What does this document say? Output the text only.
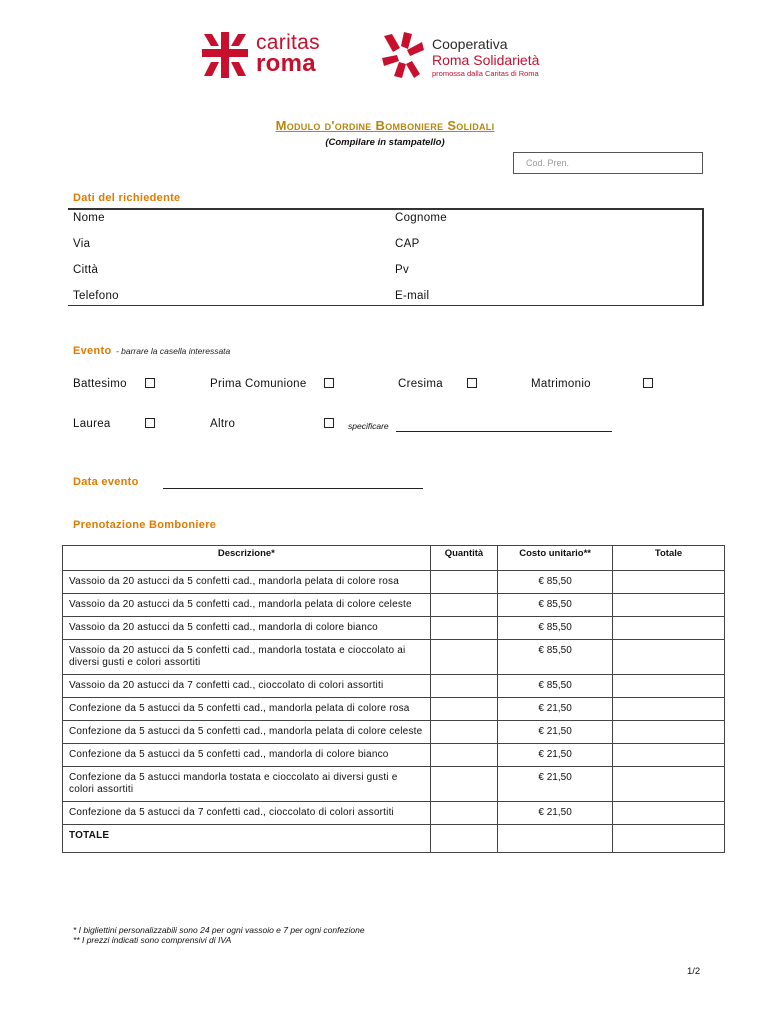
caritas
roma
Cooperativa
Roma Solidarietà
promossa dalla Caritas di Roma
Modulo d'ordine Bomboniere Solidali
(Compilare in stampatello)
Cod. Pren.
Dati del richiedente
Nome	Cognome
Via	CAP
Città	Pv
Telefono	E-mail
Evento - barrare la casella interessata
Battesimo	Prima Comunione	Cresima	Matrimonio
Laurea	Altro	specificare
Data evento
Prenotazione Bomboniere
Descrizione*	Quantità	Costo unitario**	Totale
Vassoio da 20 astucci da 5 confetti cad., mandorla pelata di colore rosa		€ 85,50	
Vassoio da 20 astucci da 5 confetti cad., mandorla pelata di colore celeste		€ 85,50	
Vassoio da 20 astucci da 5 confetti cad., mandorla di colore bianco		€ 85,50	
Vassoio da 20 astucci da 5 confetti cad., mandorla tostata e cioccolato ai diversi gusti e colori assortiti		€ 85,50	
Vassoio da 20 astucci da 7 confetti cad., cioccolato di colori assortiti		€ 85,50	
Confezione da 5 astucci da 5 confetti cad., mandorla pelata di colore rosa		€ 21,50	
Confezione da 5 astucci da 5 confetti cad., mandorla pelata di colore celeste		€ 21,50	
Confezione da 5 astucci da 5 confetti cad., mandorla di colore bianco		€ 21,50	
Confezione da 5 astucci mandorla tostata e cioccolato ai diversi gusti e colori assortiti		€ 21,50	
Confezione da 5 astucci da 7 confetti cad., cioccolato di colori assortiti		€ 21,50	
TOTALE			
* I bigliettini personalizzabili sono 24 per ogni vassoio e 7 per ogni confezione
** I prezzi indicati sono comprensivi di IVA
1/2
